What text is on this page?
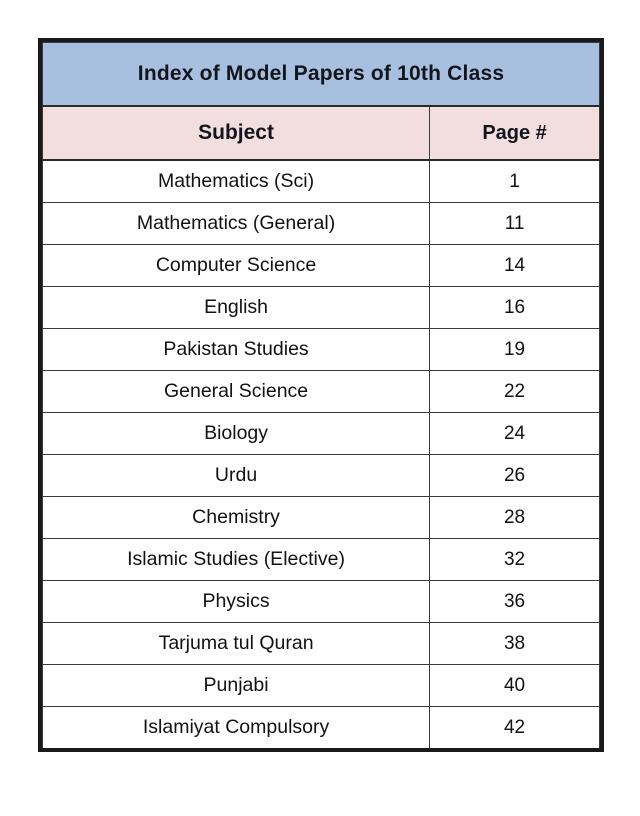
Index of Model Papers of 10th Class	
Subject	Page #
Mathematics (Sci)	1
Mathematics (General)	11
Computer Science	14
English	16
Pakistan Studies	19
General Science	22
Biology	24
Urdu	26
Chemistry	28
Islamic Studies (Elective)	32
Physics	36
Tarjuma tul Quran	38
Punjabi	40
Islamiyat Compulsory	42
